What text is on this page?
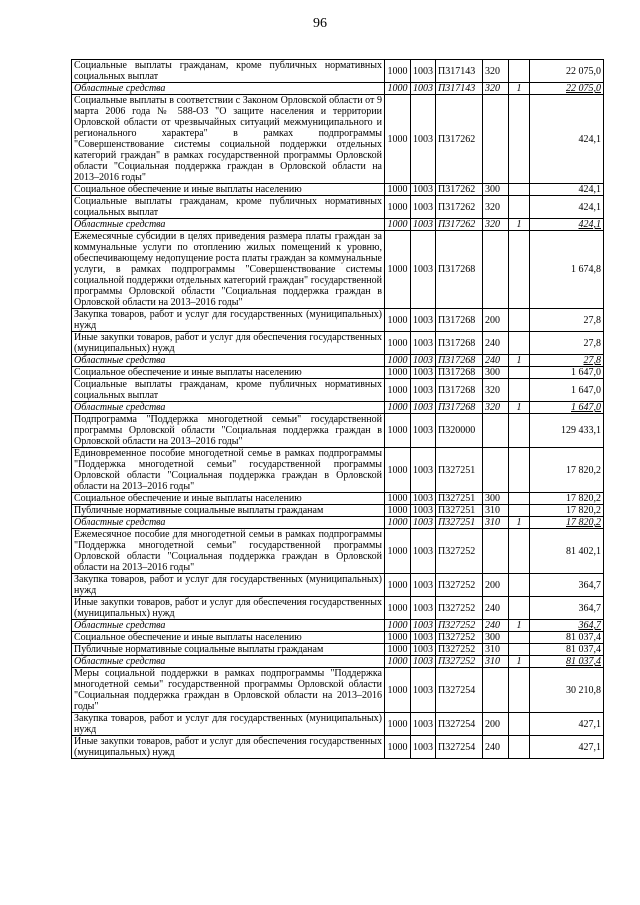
96
Социальные выплаты гражданам, кроме публичных нормативных социальных выплат	1000	1003	П317143	320		22 075,0
Областные средства	1000	1003	П317143	320	1	22 075,0
Социальные выплаты в соответствии с Законом Орловской области от 9 марта 2006 года № 588-ОЗ "О защите населения и территории Орловской области от чрезвычайных ситуаций межмуниципального и регионального характера" в рамках подпрограммы "Совершенствование системы социальной поддержки отдельных категорий граждан" в рамках государственной программы Орловской области "Социальная поддержка граждан в Орловской области на 2013–2016 годы"	1000	1003	П317262			424,1
Социальное обеспечение и иные выплаты населению	1000	1003	П317262	300		424,1
Социальные выплаты гражданам, кроме публичных нормативных социальных выплат	1000	1003	П317262	320		424,1
Областные средства	1000	1003	П317262	320	1	424,1
Ежемесячные субсидии в целях приведения размера платы граждан за коммунальные услуги по отоплению жилых помещений к уровню, обеспечивающему недопущение роста платы граждан за коммунальные услуги, в рамках подпрограммы "Совершенствование системы социальной поддержки отдельных категорий граждан" государственной программы Орловской области "Социальная поддержка граждан в Орловской области на 2013–2016 годы"	1000	1003	П317268			1 674,8
Закупка товаров, работ и услуг для государственных (муниципальных) нужд	1000	1003	П317268	200		27,8
Иные закупки товаров, работ и услуг для обеспечения государственных (муниципальных) нужд	1000	1003	П317268	240		27,8
Областные средства	1000	1003	П317268	240	1	27,8
Социальное обеспечение и иные выплаты населению	1000	1003	П317268	300		1 647,0
Социальные выплаты гражданам, кроме публичных нормативных социальных выплат	1000	1003	П317268	320		1 647,0
Областные средства	1000	1003	П317268	320	1	1 647,0
Подпрограмма "Поддержка многодетной семьи" государственной программы Орловской области "Социальная поддержка граждан в Орловской области на 2013–2016 годы"	1000	1003	П320000			129 433,1
Единовременное пособие многодетной семье в рамках подпрограммы "Поддержка многодетной семьи" государственной программы Орловской области "Социальная поддержка граждан в Орловской области на 2013–2016 годы"	1000	1003	П327251			17 820,2
Социальное обеспечение и иные выплаты населению	1000	1003	П327251	300		17 820,2
Публичные нормативные социальные выплаты гражданам	1000	1003	П327251	310		17 820,2
Областные средства	1000	1003	П327251	310	1	17 820,2
Ежемесячное пособие для многодетной семьи в рамках подпрограммы "Поддержка многодетной семьи" государственной программы Орловской области "Социальная поддержка граждан в Орловской области на 2013–2016 годы"	1000	1003	П327252			81 402,1
Закупка товаров, работ и услуг для государственных (муниципальных) нужд	1000	1003	П327252	200		364,7
Иные закупки товаров, работ и услуг для обеспечения государственных (муниципальных) нужд	1000	1003	П327252	240		364,7
Областные средства	1000	1003	П327252	240	1	364,7
Социальное обеспечение и иные выплаты населению	1000	1003	П327252	300		81 037,4
Публичные нормативные социальные выплаты гражданам	1000	1003	П327252	310		81 037,4
Областные средства	1000	1003	П327252	310	1	81 037,4
Меры социальной поддержки в рамках подпрограммы "Поддержка многодетной семьи" государственной программы Орловской области "Социальная поддержка граждан в Орловской области на 2013–2016 годы"	1000	1003	П327254			30 210,8
Закупка товаров, работ и услуг для государственных (муниципальных) нужд	1000	1003	П327254	200		427,1
Иные закупки товаров, работ и услуг для обеспечения государственных (муниципальных) нужд	1000	1003	П327254	240		427,1
